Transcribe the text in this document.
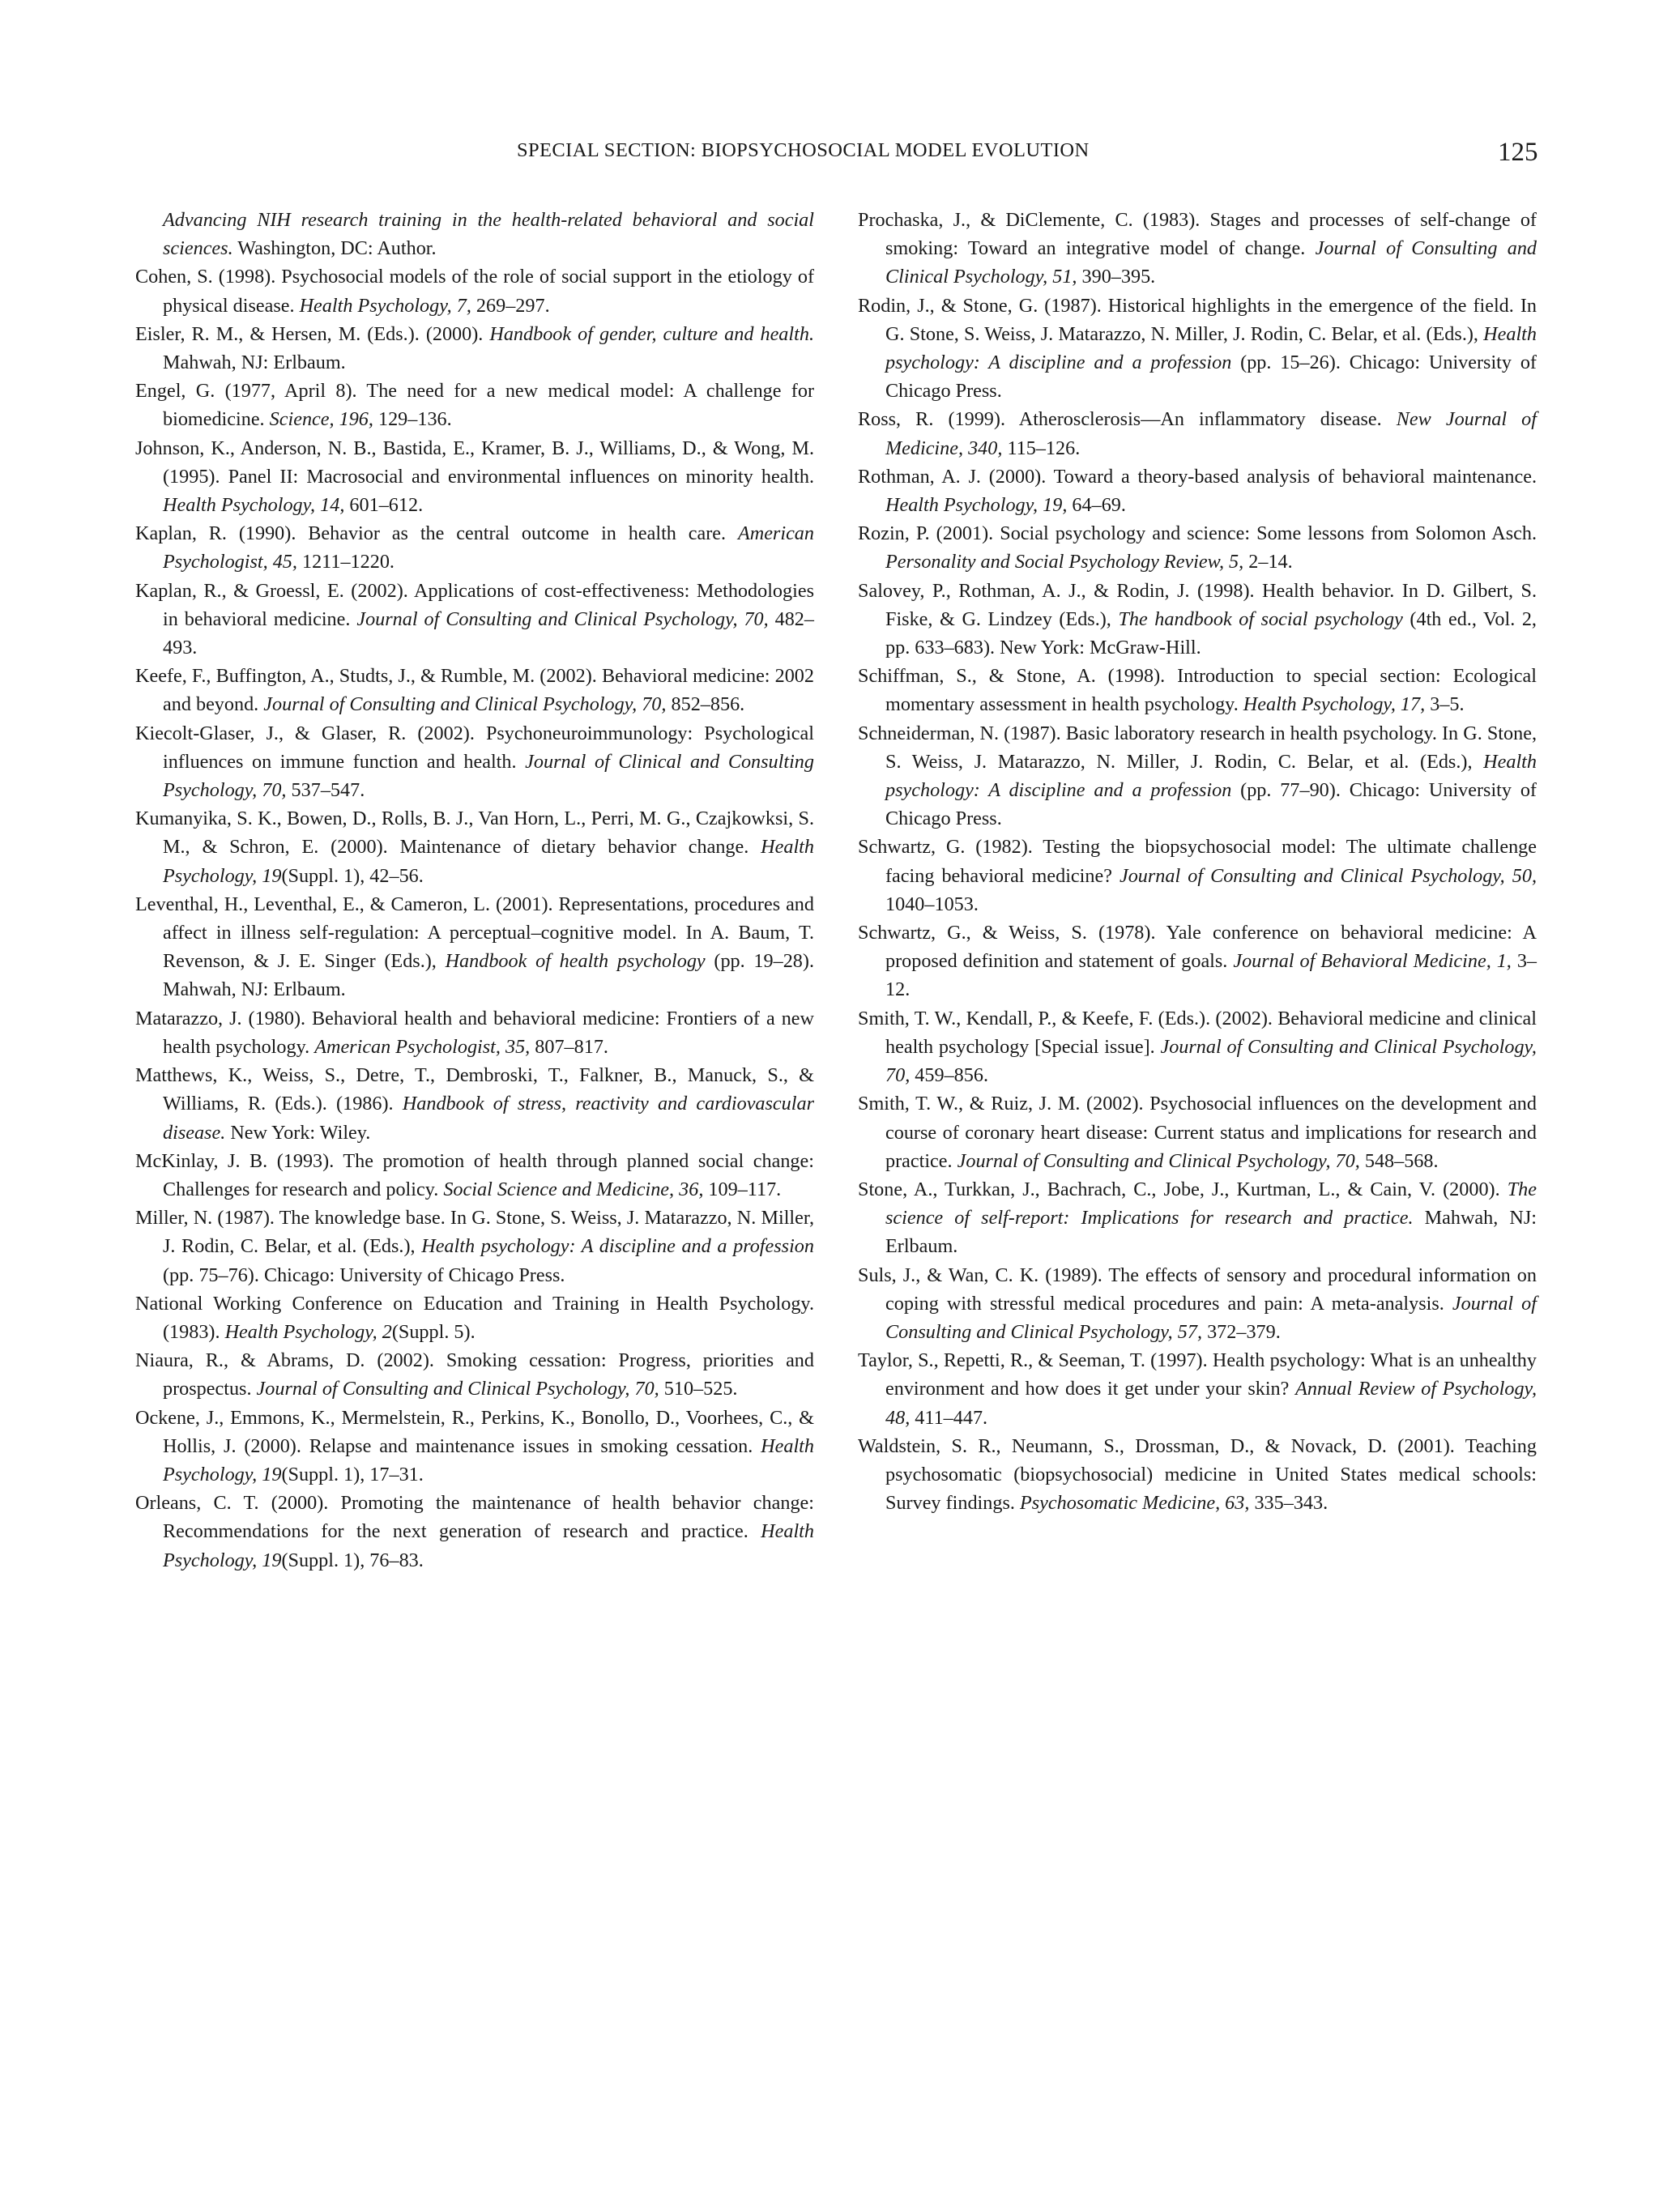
SPECIAL SECTION: BIOPSYCHOSOCIAL MODEL EVOLUTION	125

Advancing NIH research training in the health-related behavioral and social sciences. Washington, DC: Author.

Cohen, S. (1998). Psychosocial models of the role of social support in the etiology of physical disease. Health Psychology, 7, 269–297.

Eisler, R. M., & Hersen, M. (Eds.). (2000). Handbook of gender, culture and health. Mahwah, NJ: Erlbaum.

Engel, G. (1977, April 8). The need for a new medical model: A challenge for biomedicine. Science, 196, 129–136.

Johnson, K., Anderson, N. B., Bastida, E., Kramer, B. J., Williams, D., & Wong, M. (1995). Panel II: Macrosocial and environmental influences on minority health. Health Psychology, 14, 601–612.

Kaplan, R. (1990). Behavior as the central outcome in health care. American Psychologist, 45, 1211–1220.

Kaplan, R., & Groessl, E. (2002). Applications of cost-effectiveness: Methodologies in behavioral medicine. Journal of Consulting and Clinical Psychology, 70, 482–493.

Keefe, F., Buffington, A., Studts, J., & Rumble, M. (2002). Behavioral medicine: 2002 and beyond. Journal of Consulting and Clinical Psychology, 70, 852–856.

Kiecolt-Glaser, J., & Glaser, R. (2002). Psychoneuroimmunology: Psychological influences on immune function and health. Journal of Clinical and Consulting Psychology, 70, 537–547.

Kumanyika, S. K., Bowen, D., Rolls, B. J., Van Horn, L., Perri, M. G., Czajkowksi, S. M., & Schron, E. (2000). Maintenance of dietary behavior change. Health Psychology, 19(Suppl. 1), 42–56.

Leventhal, H., Leventhal, E., & Cameron, L. (2001). Representations, procedures and affect in illness self-regulation: A perceptual–cognitive model. In A. Baum, T. Revenson, & J. E. Singer (Eds.), Handbook of health psychology (pp. 19–28). Mahwah, NJ: Erlbaum.

Matarazzo, J. (1980). Behavioral health and behavioral medicine: Frontiers of a new health psychology. American Psychologist, 35, 807–817.

Matthews, K., Weiss, S., Detre, T., Dembroski, T., Falkner, B., Manuck, S., & Williams, R. (Eds.). (1986). Handbook of stress, reactivity and cardiovascular disease. New York: Wiley.

McKinlay, J. B. (1993). The promotion of health through planned social change: Challenges for research and policy. Social Science and Medicine, 36, 109–117.

Miller, N. (1987). The knowledge base. In G. Stone, S. Weiss, J. Matarazzo, N. Miller, J. Rodin, C. Belar, et al. (Eds.), Health psychology: A discipline and a profession (pp. 75–76). Chicago: University of Chicago Press.

National Working Conference on Education and Training in Health Psychology. (1983). Health Psychology, 2(Suppl. 5).

Niaura, R., & Abrams, D. (2002). Smoking cessation: Progress, priorities and prospectus. Journal of Consulting and Clinical Psychology, 70, 510–525.

Ockene, J., Emmons, K., Mermelstein, R., Perkins, K., Bonollo, D., Voorhees, C., & Hollis, J. (2000). Relapse and maintenance issues in smoking cessation. Health Psychology, 19(Suppl. 1), 17–31.

Orleans, C. T. (2000). Promoting the maintenance of health behavior change: Recommendations for the next generation of research and practice. Health Psychology, 19(Suppl. 1), 76–83.

Prochaska, J., & DiClemente, C. (1983). Stages and processes of self-change of smoking: Toward an integrative model of change. Journal of Consulting and Clinical Psychology, 51, 390–395.

Rodin, J., & Stone, G. (1987). Historical highlights in the emergence of the field. In G. Stone, S. Weiss, J. Matarazzo, N. Miller, J. Rodin, C. Belar, et al. (Eds.), Health psychology: A discipline and a profession (pp. 15–26). Chicago: University of Chicago Press.

Ross, R. (1999). Atherosclerosis—An inflammatory disease. New Journal of Medicine, 340, 115–126.

Rothman, A. J. (2000). Toward a theory-based analysis of behavioral maintenance. Health Psychology, 19, 64–69.

Rozin, P. (2001). Social psychology and science: Some lessons from Solomon Asch. Personality and Social Psychology Review, 5, 2–14.

Salovey, P., Rothman, A. J., & Rodin, J. (1998). Health behavior. In D. Gilbert, S. Fiske, & G. Lindzey (Eds.), The handbook of social psychology (4th ed., Vol. 2, pp. 633–683). New York: McGraw-Hill.

Schiffman, S., & Stone, A. (1998). Introduction to special section: Ecological momentary assessment in health psychology. Health Psychology, 17, 3–5.

Schneiderman, N. (1987). Basic laboratory research in health psychology. In G. Stone, S. Weiss, J. Matarazzo, N. Miller, J. Rodin, C. Belar, et al. (Eds.), Health psychology: A discipline and a profession (pp. 77–90). Chicago: University of Chicago Press.

Schwartz, G. (1982). Testing the biopsychosocial model: The ultimate challenge facing behavioral medicine? Journal of Consulting and Clinical Psychology, 50, 1040–1053.

Schwartz, G., & Weiss, S. (1978). Yale conference on behavioral medicine: A proposed definition and statement of goals. Journal of Behavioral Medicine, 1, 3–12.

Smith, T. W., Kendall, P., & Keefe, F. (Eds.). (2002). Behavioral medicine and clinical health psychology [Special issue]. Journal of Consulting and Clinical Psychology, 70, 459–856.

Smith, T. W., & Ruiz, J. M. (2002). Psychosocial influences on the development and course of coronary heart disease: Current status and implications for research and practice. Journal of Consulting and Clinical Psychology, 70, 548–568.

Stone, A., Turkkan, J., Bachrach, C., Jobe, J., Kurtman, L., & Cain, V. (2000). The science of self-report: Implications for research and practice. Mahwah, NJ: Erlbaum.

Suls, J., & Wan, C. K. (1989). The effects of sensory and procedural information on coping with stressful medical procedures and pain: A meta-analysis. Journal of Consulting and Clinical Psychology, 57, 372–379.

Taylor, S., Repetti, R., & Seeman, T. (1997). Health psychology: What is an unhealthy environment and how does it get under your skin? Annual Review of Psychology, 48, 411–447.

Waldstein, S. R., Neumann, S., Drossman, D., & Novack, D. (2001). Teaching psychosomatic (biopsychosocial) medicine in United States medical schools: Survey findings. Psychosomatic Medicine, 63, 335–343.
